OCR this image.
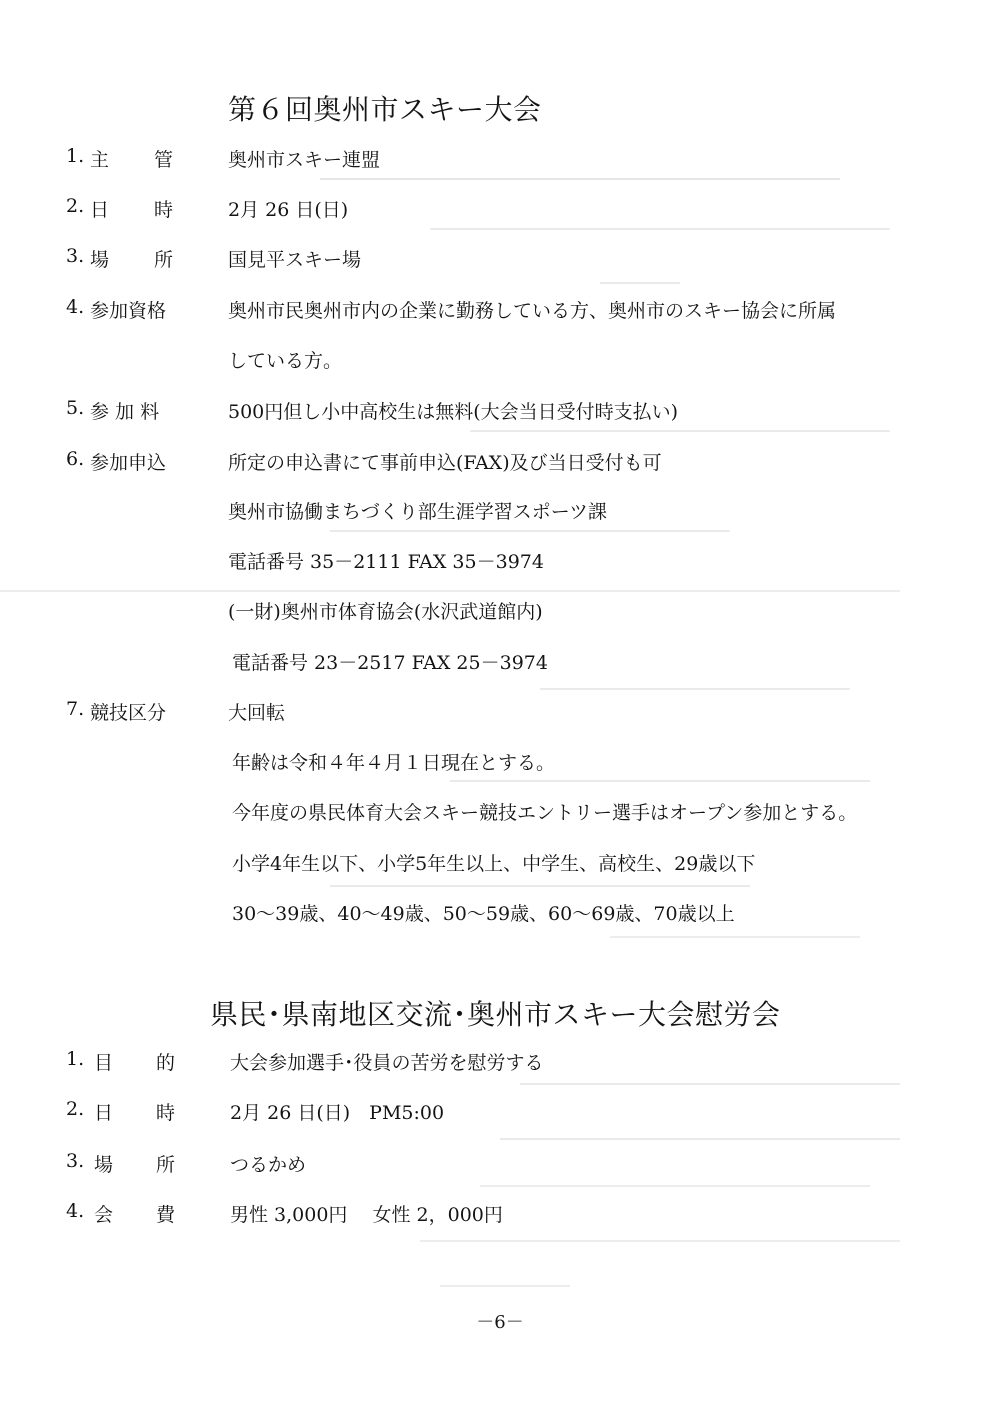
第６回奥州市スキー大会
1. 主 管	奥州市スキー連盟
2. 日 時	2月 26 日(日)
3. 場 所	国見平スキー場
4. 参加資格	奥州市民奥州市内の企業に勤務している方、奥州市のスキー協会に所属
している方。
5. 参 加 料	500円但し小中高校生は無料(大会当日受付時支払い)
6. 参加申込	所定の申込書にて事前申込(FAX)及び当日受付も可
奥州市協働まちづくり部生涯学習スポーツ課
電話番号 35－2111 FAX 35－3974
(一財)奥州市体育協会(水沢武道館内)
電話番号 23－2517 FAX 25－3974
7. 競技区分	大回転
年齢は令和４年４月１日現在とする。
今年度の県民体育大会スキー競技エントリー選手はオープン参加とする。
小学4年生以下、小学5年生以上、中学生、高校生、29歳以下
30～39歳、40～49歳、50～59歳、60～69歳、70歳以上
県民･県南地区交流･奥州市スキー大会慰労会
1. 目 的	大会参加選手･役員の苦労を慰労する
2. 日 時	2月 26 日(日)　PM5:00
3. 場 所	つるかめ
4. 会 費	男性 3,000円　 女性 2，000円
－6－
